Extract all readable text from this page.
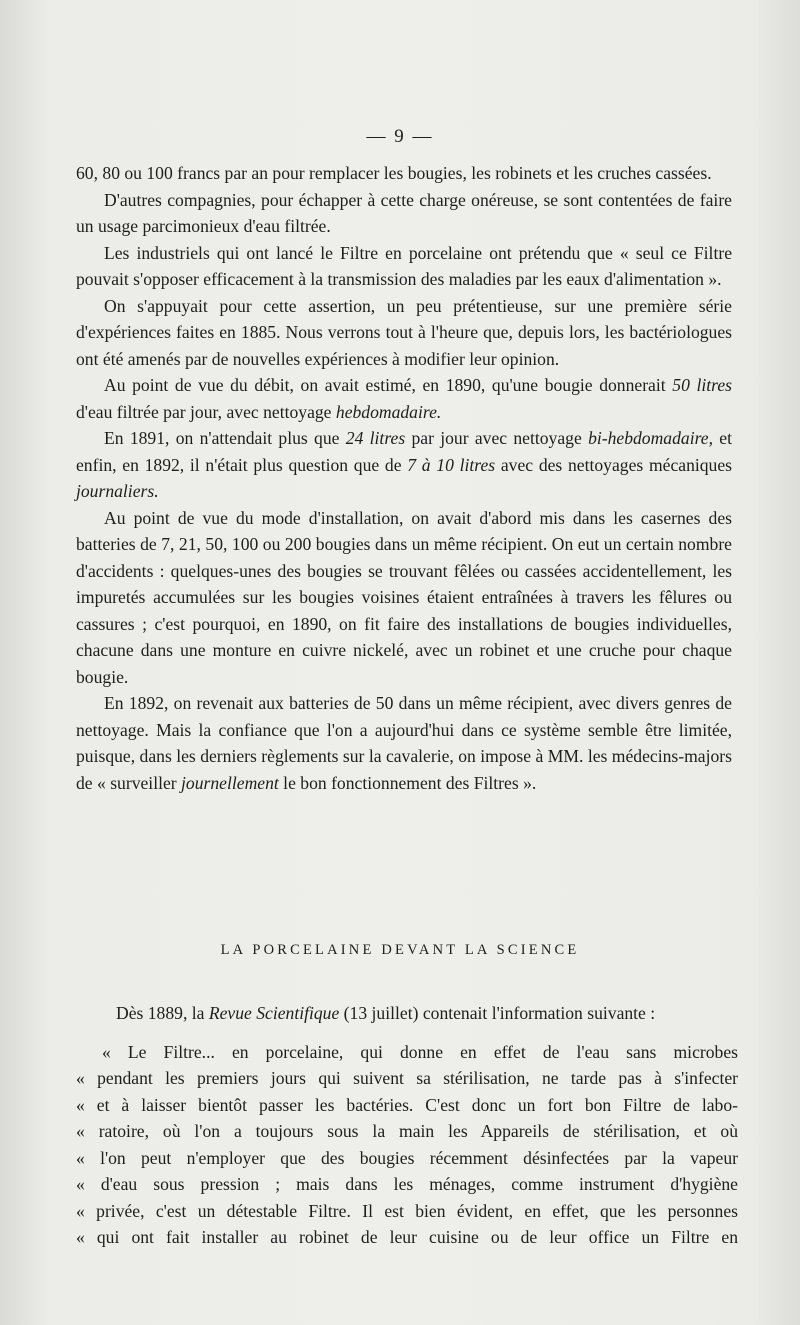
— 9 —

60, 80 ou 100 francs par an pour remplacer les bougies, les robinets et les cruches cassées.

D'autres compagnies, pour échapper à cette charge onéreuse, se sont contentées de faire un usage parcimonieux d'eau filtrée.

Les industriels qui ont lancé le Filtre en porcelaine ont prétendu que « seul ce Filtre pouvait s'opposer efficacement à la transmission des maladies par les eaux d'alimentation ».

On s'appuyait pour cette assertion, un peu prétentieuse, sur une première série d'expériences faites en 1885. Nous verrons tout à l'heure que, depuis lors, les bactériologues ont été amenés par de nouvelles expériences à modifier leur opinion.

Au point de vue du débit, on avait estimé, en 1890, qu'une bougie donnerait 50 litres d'eau filtrée par jour, avec nettoyage hebdomadaire.

En 1891, on n'attendait plus que 24 litres par jour avec nettoyage bi-hebdomadaire, et enfin, en 1892, il n'était plus question que de 7 à 10 litres avec des nettoyages mécaniques journaliers.

Au point de vue du mode d'installation, on avait d'abord mis dans les casernes des batteries de 7, 21, 50, 100 ou 200 bougies dans un même récipient. On eut un certain nombre d'accidents : quelques-unes des bougies se trouvant fêlées ou cassées accidentellement, les impuretés accumulées sur les bougies voisines étaient entraînées à travers les fêlures ou cassures ; c'est pourquoi, en 1890, on fit faire des installations de bougies individuelles, chacune dans une monture en cuivre nickelé, avec un robinet et une cruche pour chaque bougie.

En 1892, on revenait aux batteries de 50 dans un même récipient, avec divers genres de nettoyage. Mais la confiance que l'on a aujourd'hui dans ce système semble être limitée, puisque, dans les derniers règlements sur la cavalerie, on impose à MM. les médecins-majors de « surveiller journellement le bon fonctionnement des Filtres ».

LA PORCELAINE DEVANT LA SCIENCE

Dès 1889, la Revue Scientifique (13 juillet) contenait l'information suivante :

« Le Filtre... en porcelaine, qui donne en effet de l'eau sans microbes

« pendant les premiers jours qui suivent sa stérilisation, ne tarde pas à s'infecter

« et à laisser bientôt passer les bactéries. C'est donc un fort bon Filtre de labo-

« ratoire, où l'on a toujours sous la main les Appareils de stérilisation, et où

« l'on peut n'employer que des bougies récemment désinfectées par la vapeur

« d'eau sous pression ; mais dans les ménages, comme instrument d'hygiène

« privée, c'est un détestable Filtre. Il est bien évident, en effet, que les personnes

« qui ont fait installer au robinet de leur cuisine ou de leur office un Filtre en
